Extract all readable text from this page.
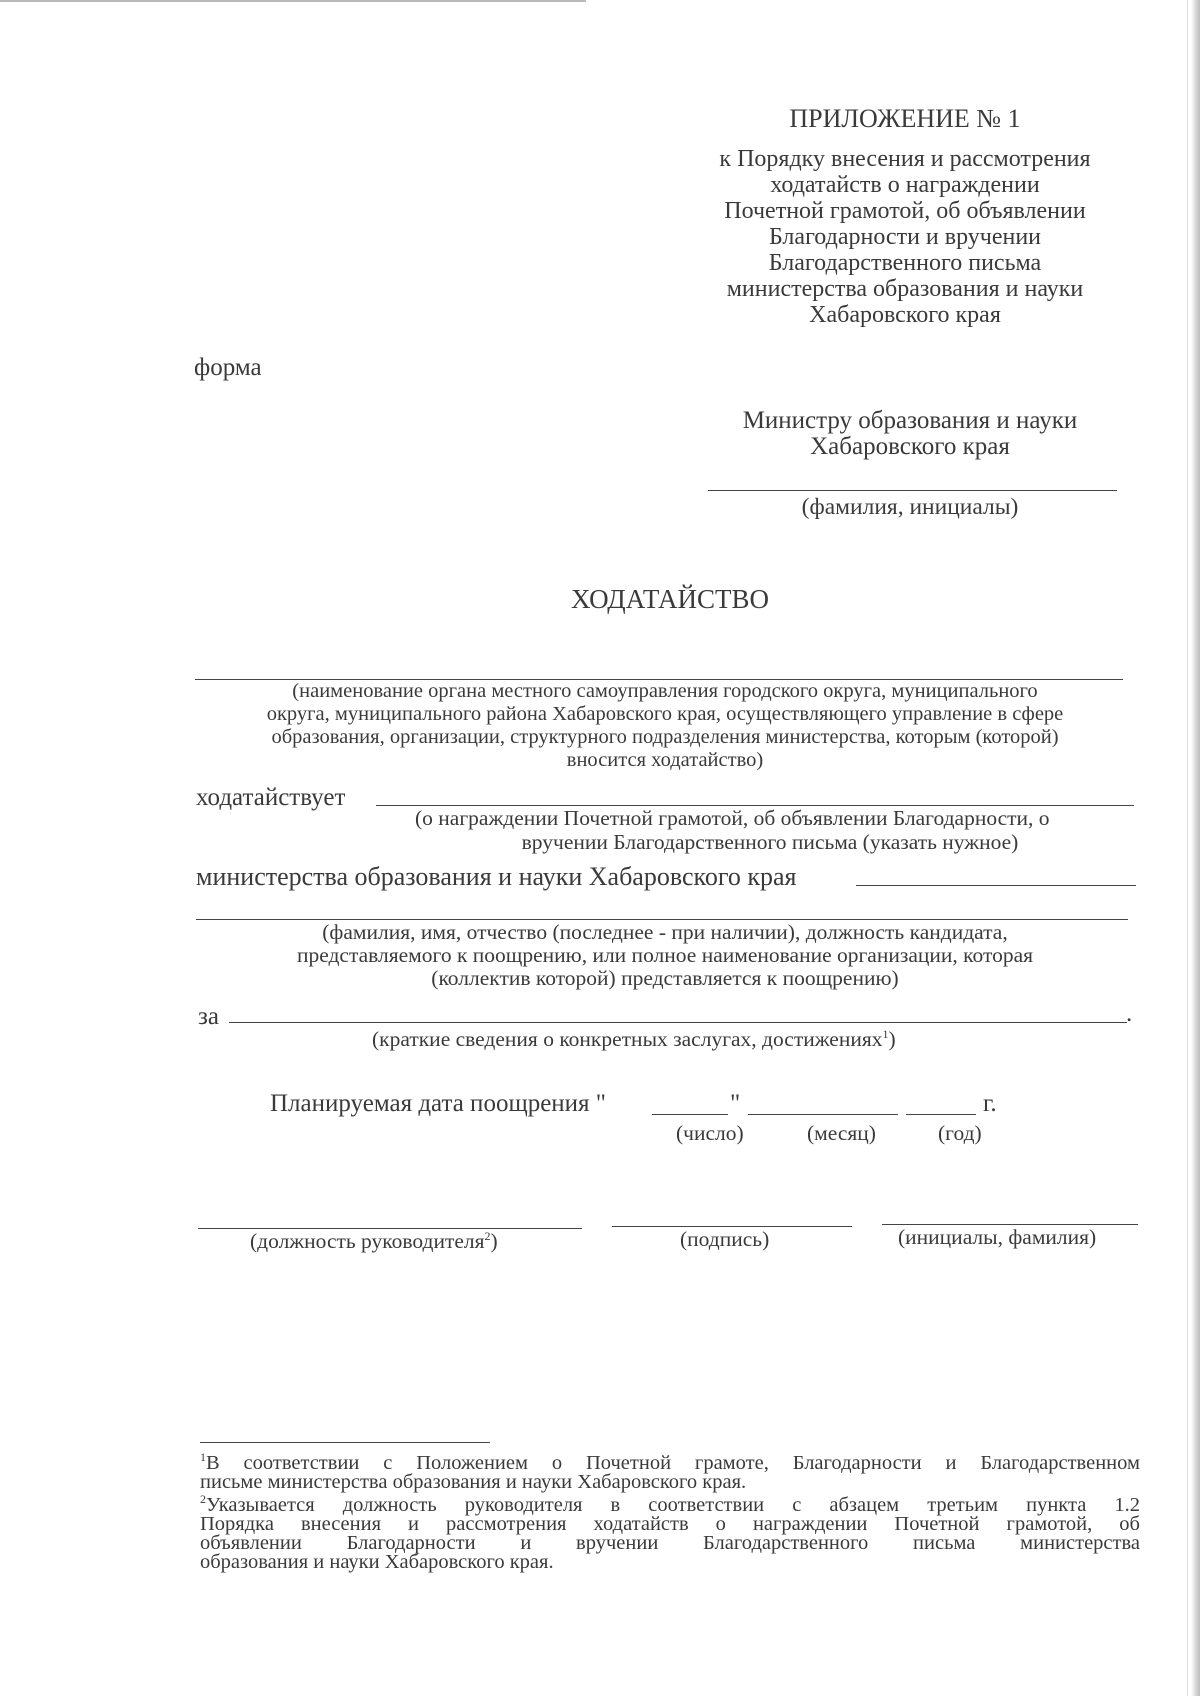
ПРИЛОЖЕНИЕ № 1
к Порядку внесения и рассмотрения
ходатайств о награждении
Почетной грамотой, об объявлении
Благодарности и вручении
Благодарственного письма
министерства образования и науки
Хабаровского края
форма
Министру образования и науки
Хабаровского края
(фамилия, инициалы)
ХОДАТАЙСТВО
(наименование органа местного самоуправления городского округа, муниципального
округа, муниципального района Хабаровского края, осуществляющего управление в сфере
образования, организации, структурного подразделения министерства, которым (которой)
вносится ходатайство)
ходатайствует
(о награждении Почетной грамотой, об объявлении Благодарности, о
вручении Благодарственного письма (указать нужное)
министерства образования и науки Хабаровского края
(фамилия, имя, отчество (последнее - при наличии), должность кандидата,
представляемого к поощрению, или полное наименование организации, которая
(коллектив которой) представляется к поощрению)
за	.
(краткие сведения о конкретных заслугах, достижениях$^1$)
Планируемая дата поощрения "	"	г.
(число)	(месяц)	(год)
(должность руководителя$^2$)	(подпись)	(инициалы, фамилия)
$^1$В соответствии с Положением о Почетной грамоте, Благодарности и Благодарственном
письме министерства образования и науки Хабаровского края.
$^2$Указывается должность руководителя в соответствии с абзацем третьим пункта 1.2
Порядка внесения и рассмотрения ходатайств о награждении Почетной грамотой, об
объявлении Благодарности и вручении Благодарственного письма министерства
образования и науки Хабаровского края.
